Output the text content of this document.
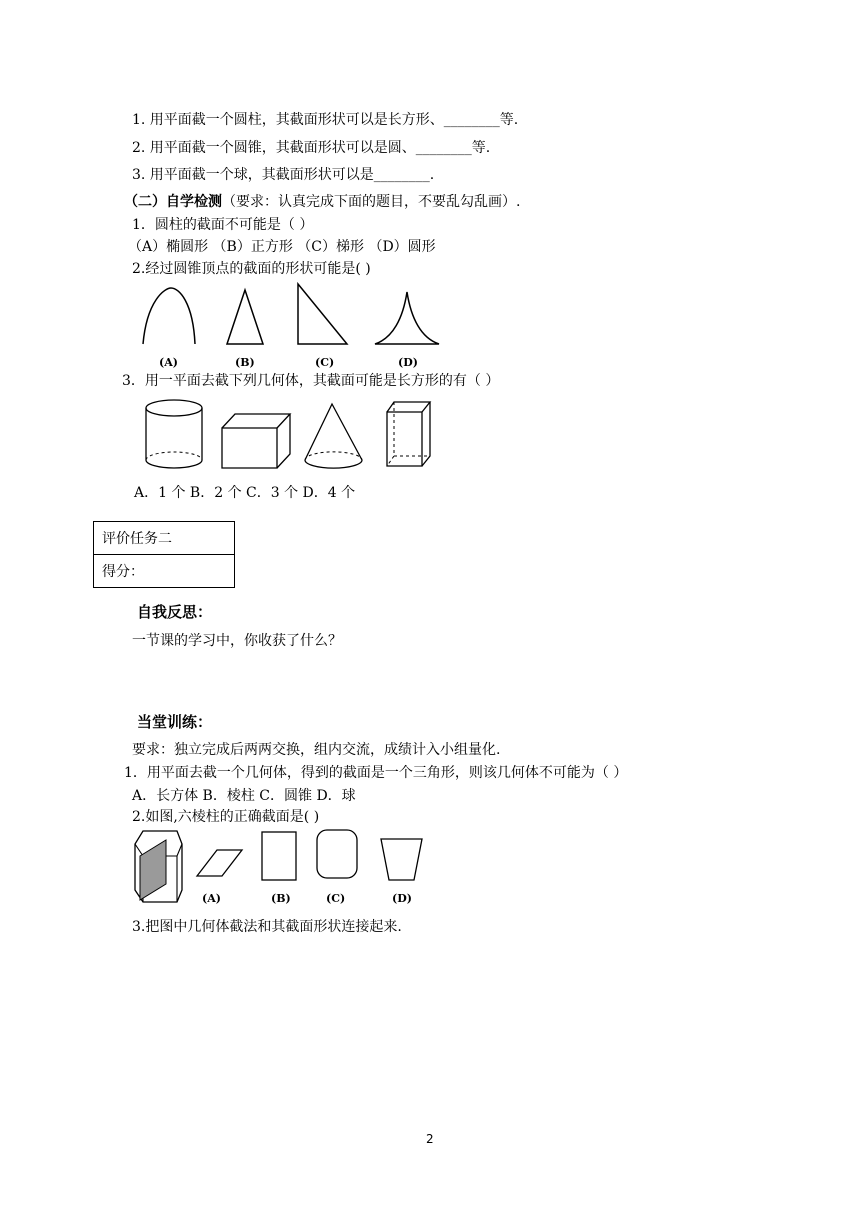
1. 用平面截一个圆柱，其截面形状可以是长方形、________等.
2. 用平面截一个圆锥，其截面形状可以是圆、________等.
3. 用平面截一个球，其截面形状可以是________.
（二）自学检测（要求：认真完成下面的题目，不要乱勾乱画）.
1．圆柱的截面不可能是（ ）
（A）椭圆形 （B）正方形 （C）梯形 （D）圆形
2.经过圆锥顶点的截面的形状可能是( )
(A)	(B)	(C)	(D)
3．用一平面去截下列几何体，其截面可能是长方形的有（ ）
A．1 个 B．2 个 C．3 个 D．4 个
评价任务二
得分：
自我反思：
一节课的学习中，你收获了什么？
当堂训练：
要求：独立完成后两两交换，组内交流，成绩计入小组量化.
1．用平面去截一个几何体，得到的截面是一个三角形，则该几何体不可能为（ ）
A．长方体 B．棱柱 C．圆锥 D．球
2.如图,六棱柱的正确截面是( )
(A)	(B)	(C)	(D)
3.把图中几何体截法和其截面形状连接起来.
2
